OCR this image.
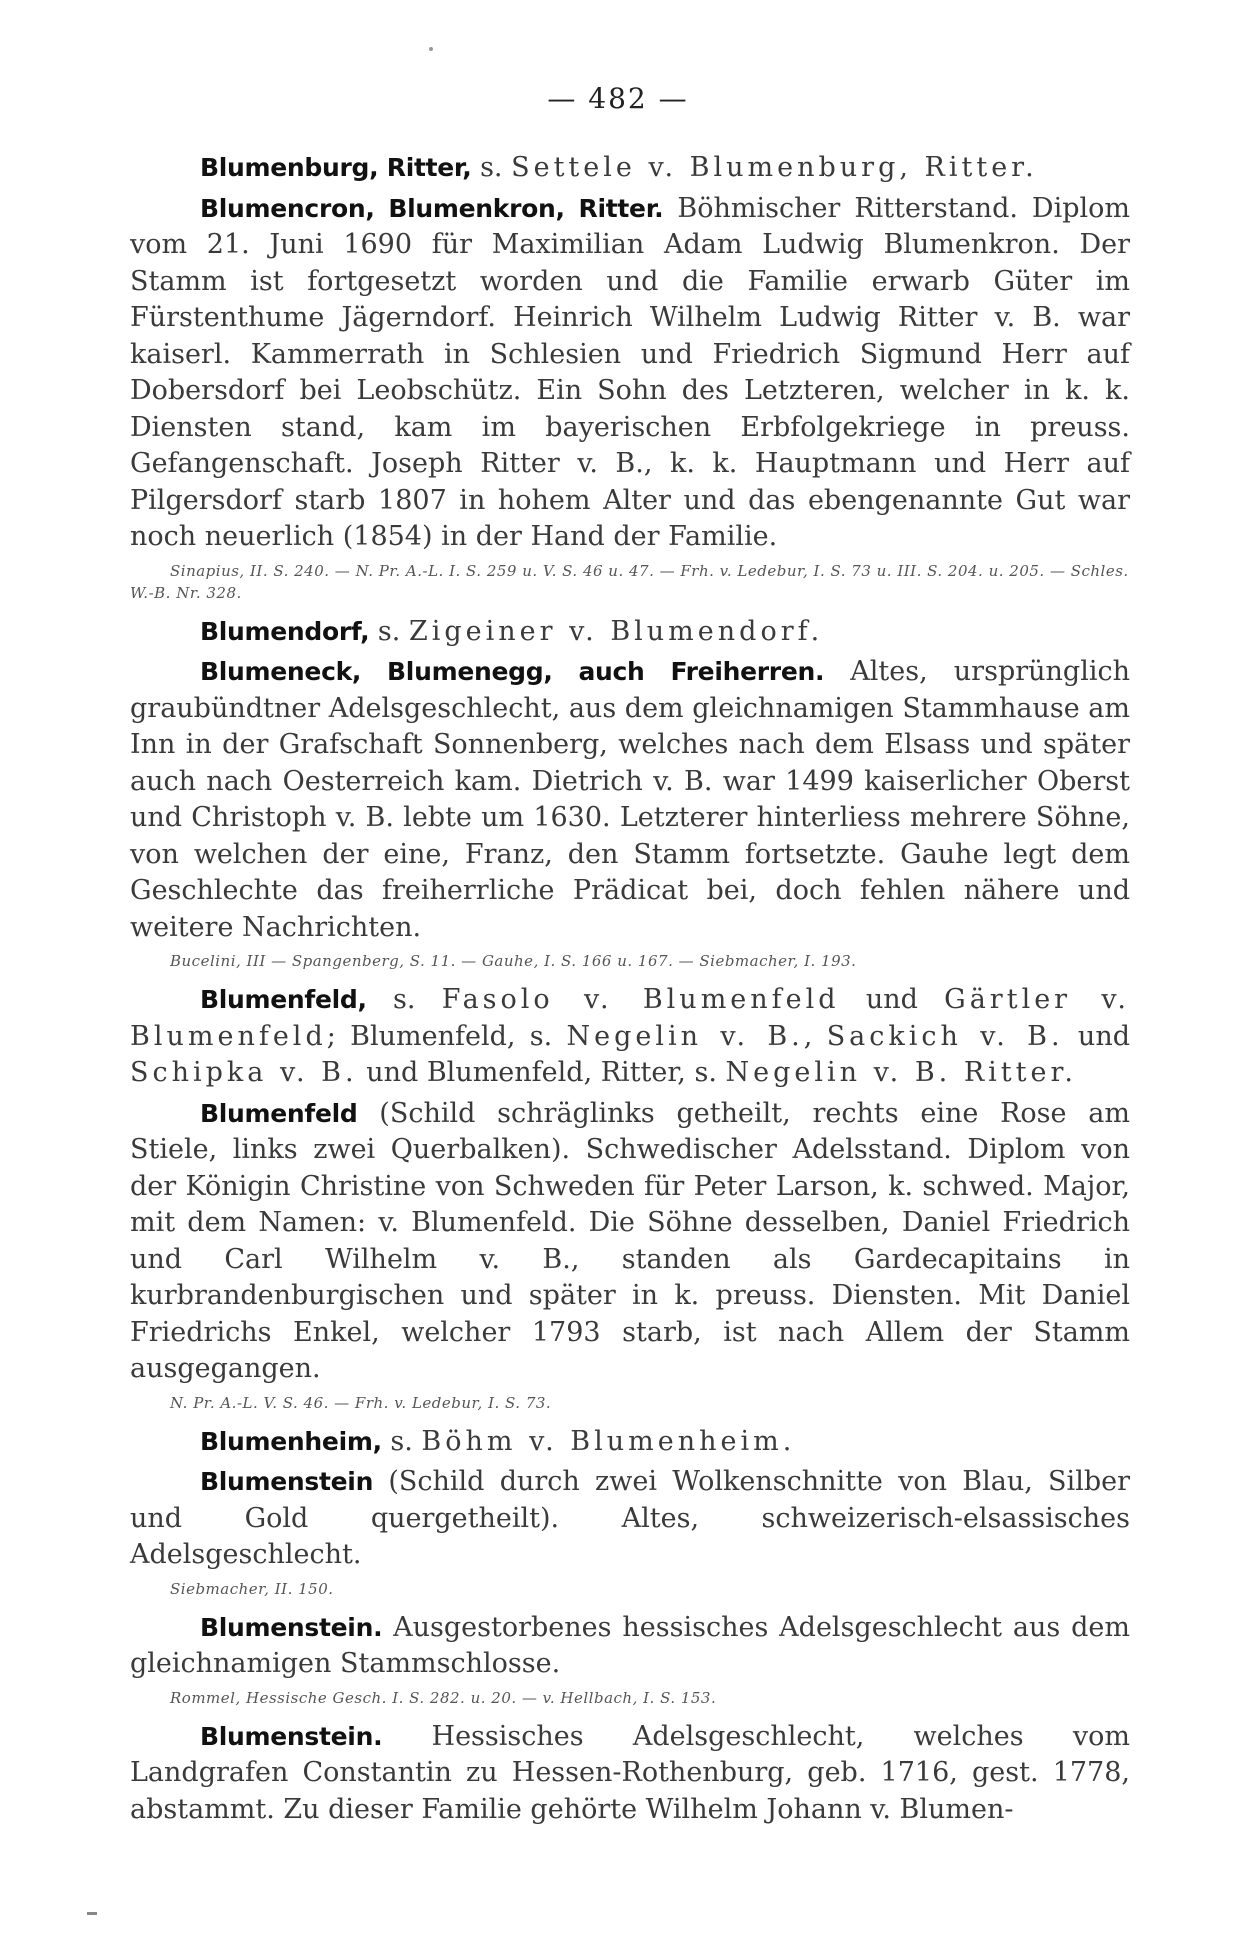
— 482 —

Blumenburg, Ritter, s. Settele v. Blumenburg, Ritter.

Blumencron, Blumenkron, Ritter. Böhmischer Ritterstand. Diplom vom 21. Juni 1690 für Maximilian Adam Ludwig Blumenkron. Der Stamm ist fortgesetzt worden und die Familie erwarb Güter im Fürstenthume Jägerndorf. Heinrich Wilhelm Ludwig Ritter v. B. war kaiserl. Kammerrath in Schlesien und Friedrich Sigmund Herr auf Dobersdorf bei Leobschütz. Ein Sohn des Letzteren, welcher in k. k. Diensten stand, kam im bayerischen Erbfolgekriege in preuss. Gefangenschaft. Joseph Ritter v. B., k. k. Hauptmann und Herr auf Pilgersdorf starb 1807 in hohem Alter und das ebengenannte Gut war noch neuerlich (1854) in der Hand der Familie.

Sinapius, II. S. 240. — N. Pr. A.-L. I. S. 259 u. V. S. 46 u. 47. — Frh. v. Ledebur, I. S. 73 u. III. S. 204. u. 205. — Schles. W.-B. Nr. 328.

Blumendorf, s. Zigeiner v. Blumendorf.

Blumeneck, Blumenegg, auch Freiherren. Altes, ursprünglich graubündtner Adelsgeschlecht, aus dem gleichnamigen Stammhause am Inn in der Grafschaft Sonnenberg, welches nach dem Elsass und später auch nach Oesterreich kam. Dietrich v. B. war 1499 kaiserlicher Oberst und Christoph v. B. lebte um 1630. Letzterer hinterliess mehrere Söhne, von welchen der eine, Franz, den Stamm fortsetzte. Gauhe legt dem Geschlechte das freiherrliche Prädicat bei, doch fehlen nähere und weitere Nachrichten.

Bucelini, III — Spangenberg, S. 11. — Gauhe, I. S. 166 u. 167. — Siebmacher, I. 193.

Blumenfeld, s. Fasolo v. Blumenfeld und Gärtler v. Blumenfeld; Blumenfeld, s. Negelin v. B., Sackich v. B. und Schipka v. B. und Blumenfeld, Ritter, s. Negelin v. B. Ritter.

Blumenfeld (Schild schräglinks getheilt, rechts eine Rose am Stiele, links zwei Querbalken). Schwedischer Adelsstand. Diplom von der Königin Christine von Schweden für Peter Larson, k. schwed. Major, mit dem Namen: v. Blumenfeld. Die Söhne desselben, Daniel Friedrich und Carl Wilhelm v. B., standen als Gardecapitains in kurbrandenburgischen und später in k. preuss. Diensten. Mit Daniel Friedrichs Enkel, welcher 1793 starb, ist nach Allem der Stamm ausgegangen.

N. Pr. A.-L. V. S. 46. — Frh. v. Ledebur, I. S. 73.

Blumenheim, s. Böhm v. Blumenheim.

Blumenstein (Schild durch zwei Wolkenschnitte von Blau, Silber und Gold quergetheilt). Altes, schweizerisch-elsassisches Adelsgeschlecht.

Siebmacher, II. 150.

Blumenstein. Ausgestorbenes hessisches Adelsgeschlecht aus dem gleichnamigen Stammschlosse.

Rommel, Hessische Gesch. I. S. 282. u. 20. — v. Hellbach, I. S. 153.

Blumenstein. Hessisches Adelsgeschlecht, welches vom Landgrafen Constantin zu Hessen-Rothenburg, geb. 1716, gest. 1778, abstammt. Zu dieser Familie gehörte Wilhelm Johann v. Blumen-
